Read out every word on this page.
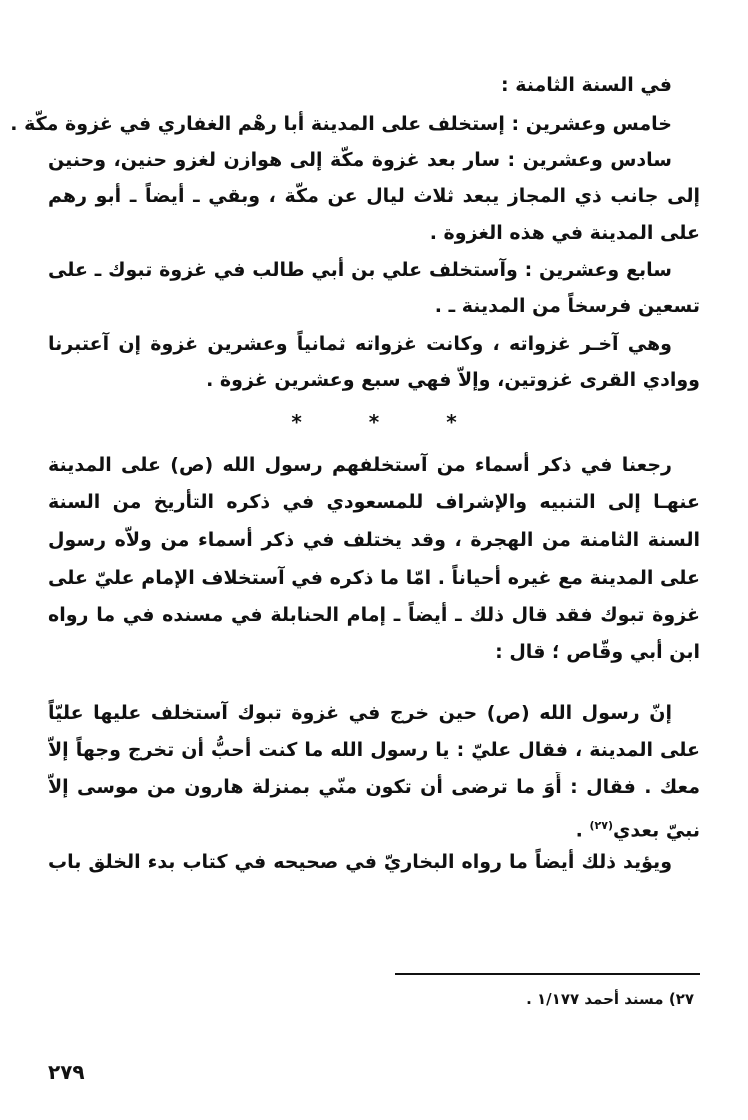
في السنة الثامنة :
خامس وعشرين : إستخلف على المدينة أبا رهْم الغفاري في غزوة مكّة .
سادس وعشرين : سار بعد غزوة مكّة إلى هوازن لغزو حنين، وحنين
إلى جانب ذي المجاز يبعد ثلاث ليال عن مكّة ، وبقي ـ أيضاً ـ أبو رهم
على المدينة في هذه الغزوة .
سابع وعشرين : وآستخلف علي بن أبي طالب في غزوة تبوك ـ على
تسعين فرسخاً من المدينة ـ .
وهي آخـر غزواته ، وكانت غزواته ثمانياً وعشرين غزوة إن آعتبرنا
ووادي القرى غزوتين، وإلاّ فهي سبع وعشرين غزوة .
* * *
رجعنا في ذكر أسماء من آستخلفهم رسول الله (ص) على المدينة
عنهـا إلى التنبيه والإشراف للمسعودي في ذكره التأريخ من السنة
السنة الثامنة من الهجرة ، وقد يختلف في ذكر أسماء من ولاّه رسول
على المدينة مع غيره أحياناً . امّا ما ذكره في آستخلاف الإمام عليّ على
غزوة تبوك فقد قال ذلك ـ أيضاً ـ إمام الحنابلة في مسنده في ما رواه
ابن أبي وقّاص ؛ قال :
إنّ رسول الله (ص) حين خرج في غزوة تبوك آستخلف عليها عليّاً
على المدينة ، فقال عليّ : يا رسول الله ما كنت أحبُّ أن تخرج وجهاً إلاّ
معك . فقال : أَوَ ما ترضى أن تكون منّي بمنزلة هارون من موسى إلاّ
نبيّ بعدي$^{(٢٧)}$ .
ويؤيد ذلك أيضاً ما رواه البخاريّ في صحيحه في كتاب بدء الخلق باب
٢٧) مسند أحمد ١/١٧٧ .
٢٧٩
